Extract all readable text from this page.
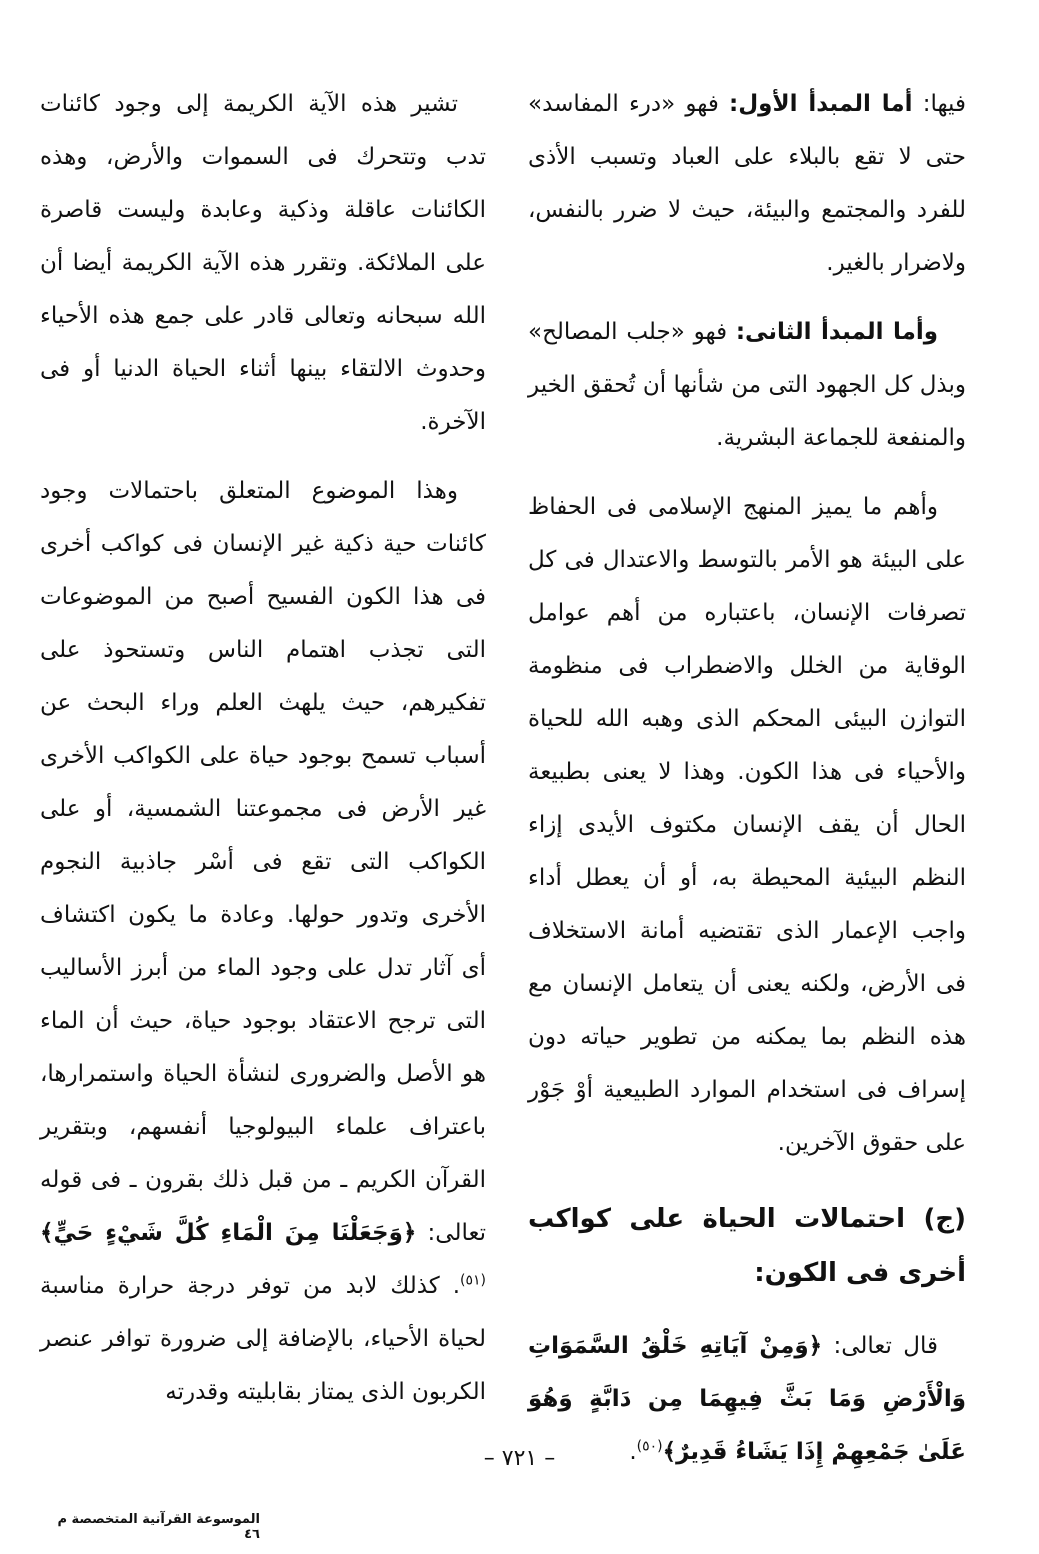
فيها: أما المبدأ الأول: فهو «درء المفاسد» حتى لا تقع بالبلاء على العباد وتسبب الأذى للفرد والمجتمع والبيئة، حيث لا ضرر بالنفس، ولاضرار بالغير.

وأما المبدأ الثانى: فهو «جلب المصالح» وبذل كل الجهود التى من شأنها أن تُحقق الخير والمنفعة للجماعة البشرية.

وأهم ما يميز المنهج الإسلامى فى الحفاظ على البيئة هو الأمر بالتوسط والاعتدال فى كل تصرفات الإنسان، باعتباره من أهم عوامل الوقاية من الخلل والاضطراب فى منظومة التوازن البيئى المحكم الذى وهبه الله للحياة والأحياء فى هذا الكون. وهذا لا يعنى بطبيعة الحال أن يقف الإنسان مكتوف الأيدى إزاء النظم البيئية المحيطة به، أو أن يعطل أداء واجب الإعمار الذى تقتضيه أمانة الاستخلاف فى الأرض، ولكنه يعنى أن يتعامل الإنسان مع هذه النظم بما يمكنه من تطوير حياته دون إسراف فى استخدام الموارد الطبيعية أوْ جَوْر على حقوق الآخرين.

(ج) احتمالات الحياة على كواكب أخرى فى الكون:

قال تعالى: ﴿وَمِنْ آيَاتِهِ خَلْقُ السَّمَوَاتِ وَالْأَرْضِ وَمَا بَثَّ فِيهِمَا مِن دَابَّةٍ وَهُوَ عَلَىٰ جَمْعِهِمْ إِذَا يَشَاءُ قَدِيرٌ﴾$^{(٥٠)}$.

تشير هذه الآية الكريمة إلى وجود كائنات تدب وتتحرك فى السموات والأرض، وهذه الكائنات عاقلة وذكية وعابدة وليست قاصرة على الملائكة. وتقرر هذه الآية الكريمة أيضا أن الله سبحانه وتعالى قادر على جمع هذه الأحياء وحدوث الالتقاء بينها أثناء الحياة الدنيا أو فى الآخرة.

وهذا الموضوع المتعلق باحتمالات وجود كائنات حية ذكية غير الإنسان فى كواكب أخرى فى هذا الكون الفسيح أصبح من الموضوعات التى تجذب اهتمام الناس وتستحوذ على تفكيرهم، حيث يلهث العلم وراء البحث عن أسباب تسمح بوجود حياة على الكواكب الأخرى غير الأرض فى مجموعتنا الشمسية، أو على الكواكب التى تقع فى أسْر جاذبية النجوم الأخرى وتدور حولها. وعادة ما يكون اكتشاف أى آثار تدل على وجود الماء من أبرز الأساليب التى ترجح الاعتقاد بوجود حياة، حيث أن الماء هو الأصل والضرورى لنشأة الحياة واستمرارها، باعتراف علماء البيولوجيا أنفسهم، وبتقرير القرآن الكريم ـ من قبل ذلك بقرون ـ فى قوله تعالى: ﴿وَجَعَلْنَا مِنَ الْمَاءِ كُلَّ شَيْءٍ حَيٍّ﴾$^{(٥١)}$. كذلك لابد من توفر درجة حرارة مناسبة لحياة الأحياء، بالإضافة إلى ضرورة توافر عنصر الكربون الذى يمتاز بقابليته وقدرته

– ٧٢١ –
الموسوعة القرآنية المتخصصة م ٤٦
